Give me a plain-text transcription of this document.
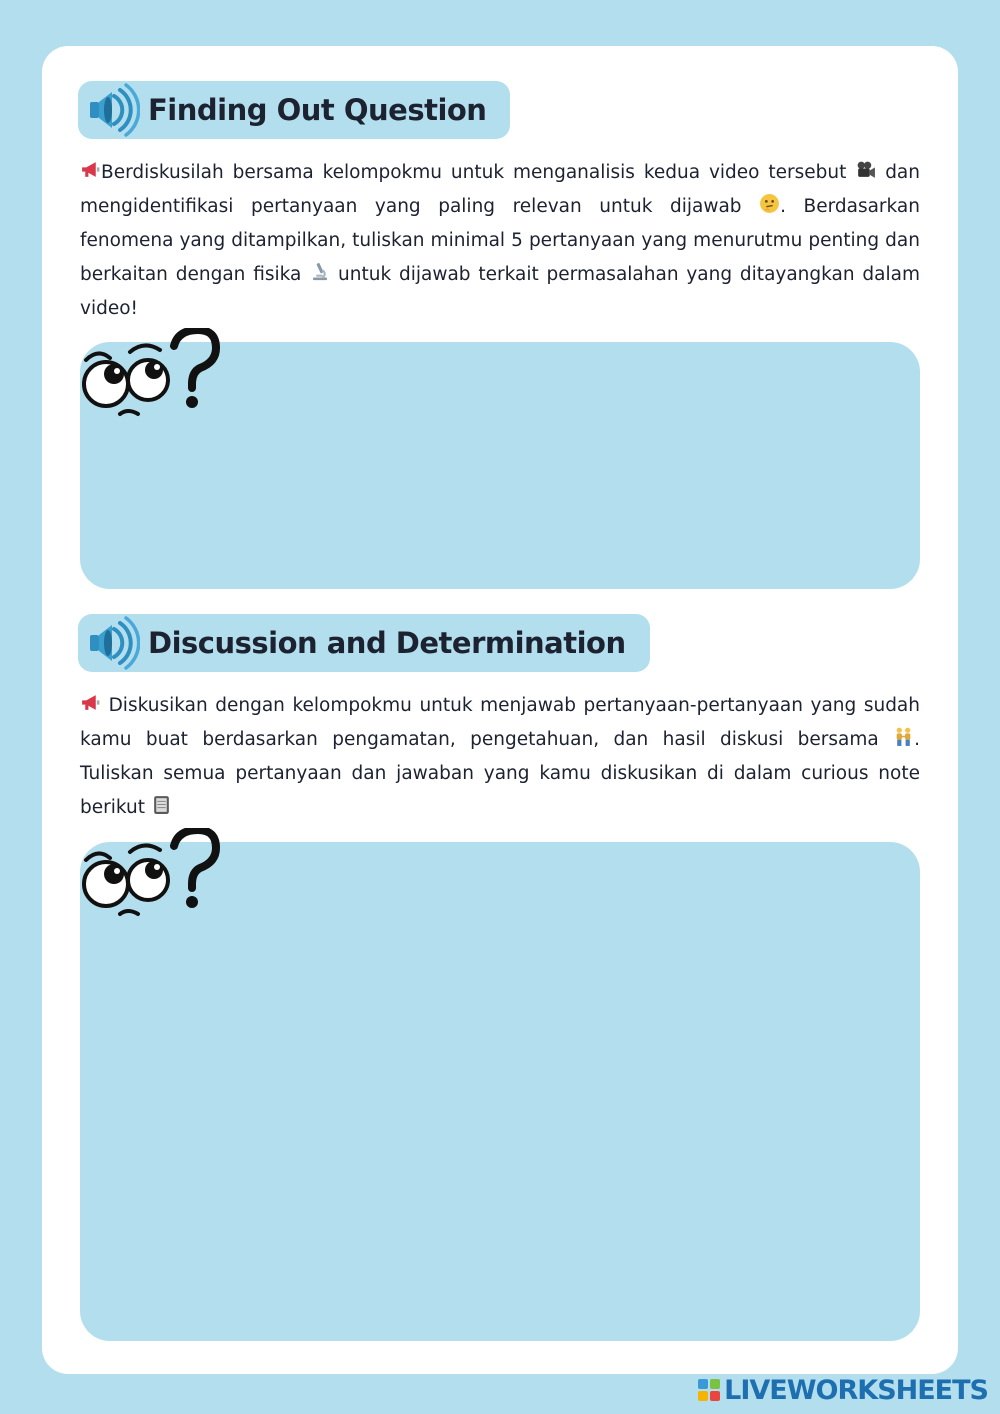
Finding Out Question

Berdiskusilah bersama kelompokmu untuk menganalisis kedua video tersebut dan mengidentifikasi pertanyaan yang paling relevan untuk dijawab . Berdasarkan fenomena yang ditampilkan, tuliskan minimal 5 pertanyaan yang menurutmu penting dan berkaitan dengan fisika untuk dijawab terkait permasalahan yang ditayangkan dalam video!

Discussion and Determination

Diskusikan dengan kelompokmu untuk menjawab pertanyaan-pertanyaan yang sudah kamu buat berdasarkan pengamatan, pengetahuan, dan hasil diskusi bersama . Tuliskan semua pertanyaan dan jawaban yang kamu diskusikan di dalam curious note berikut

LIVEWORKSHEETS
